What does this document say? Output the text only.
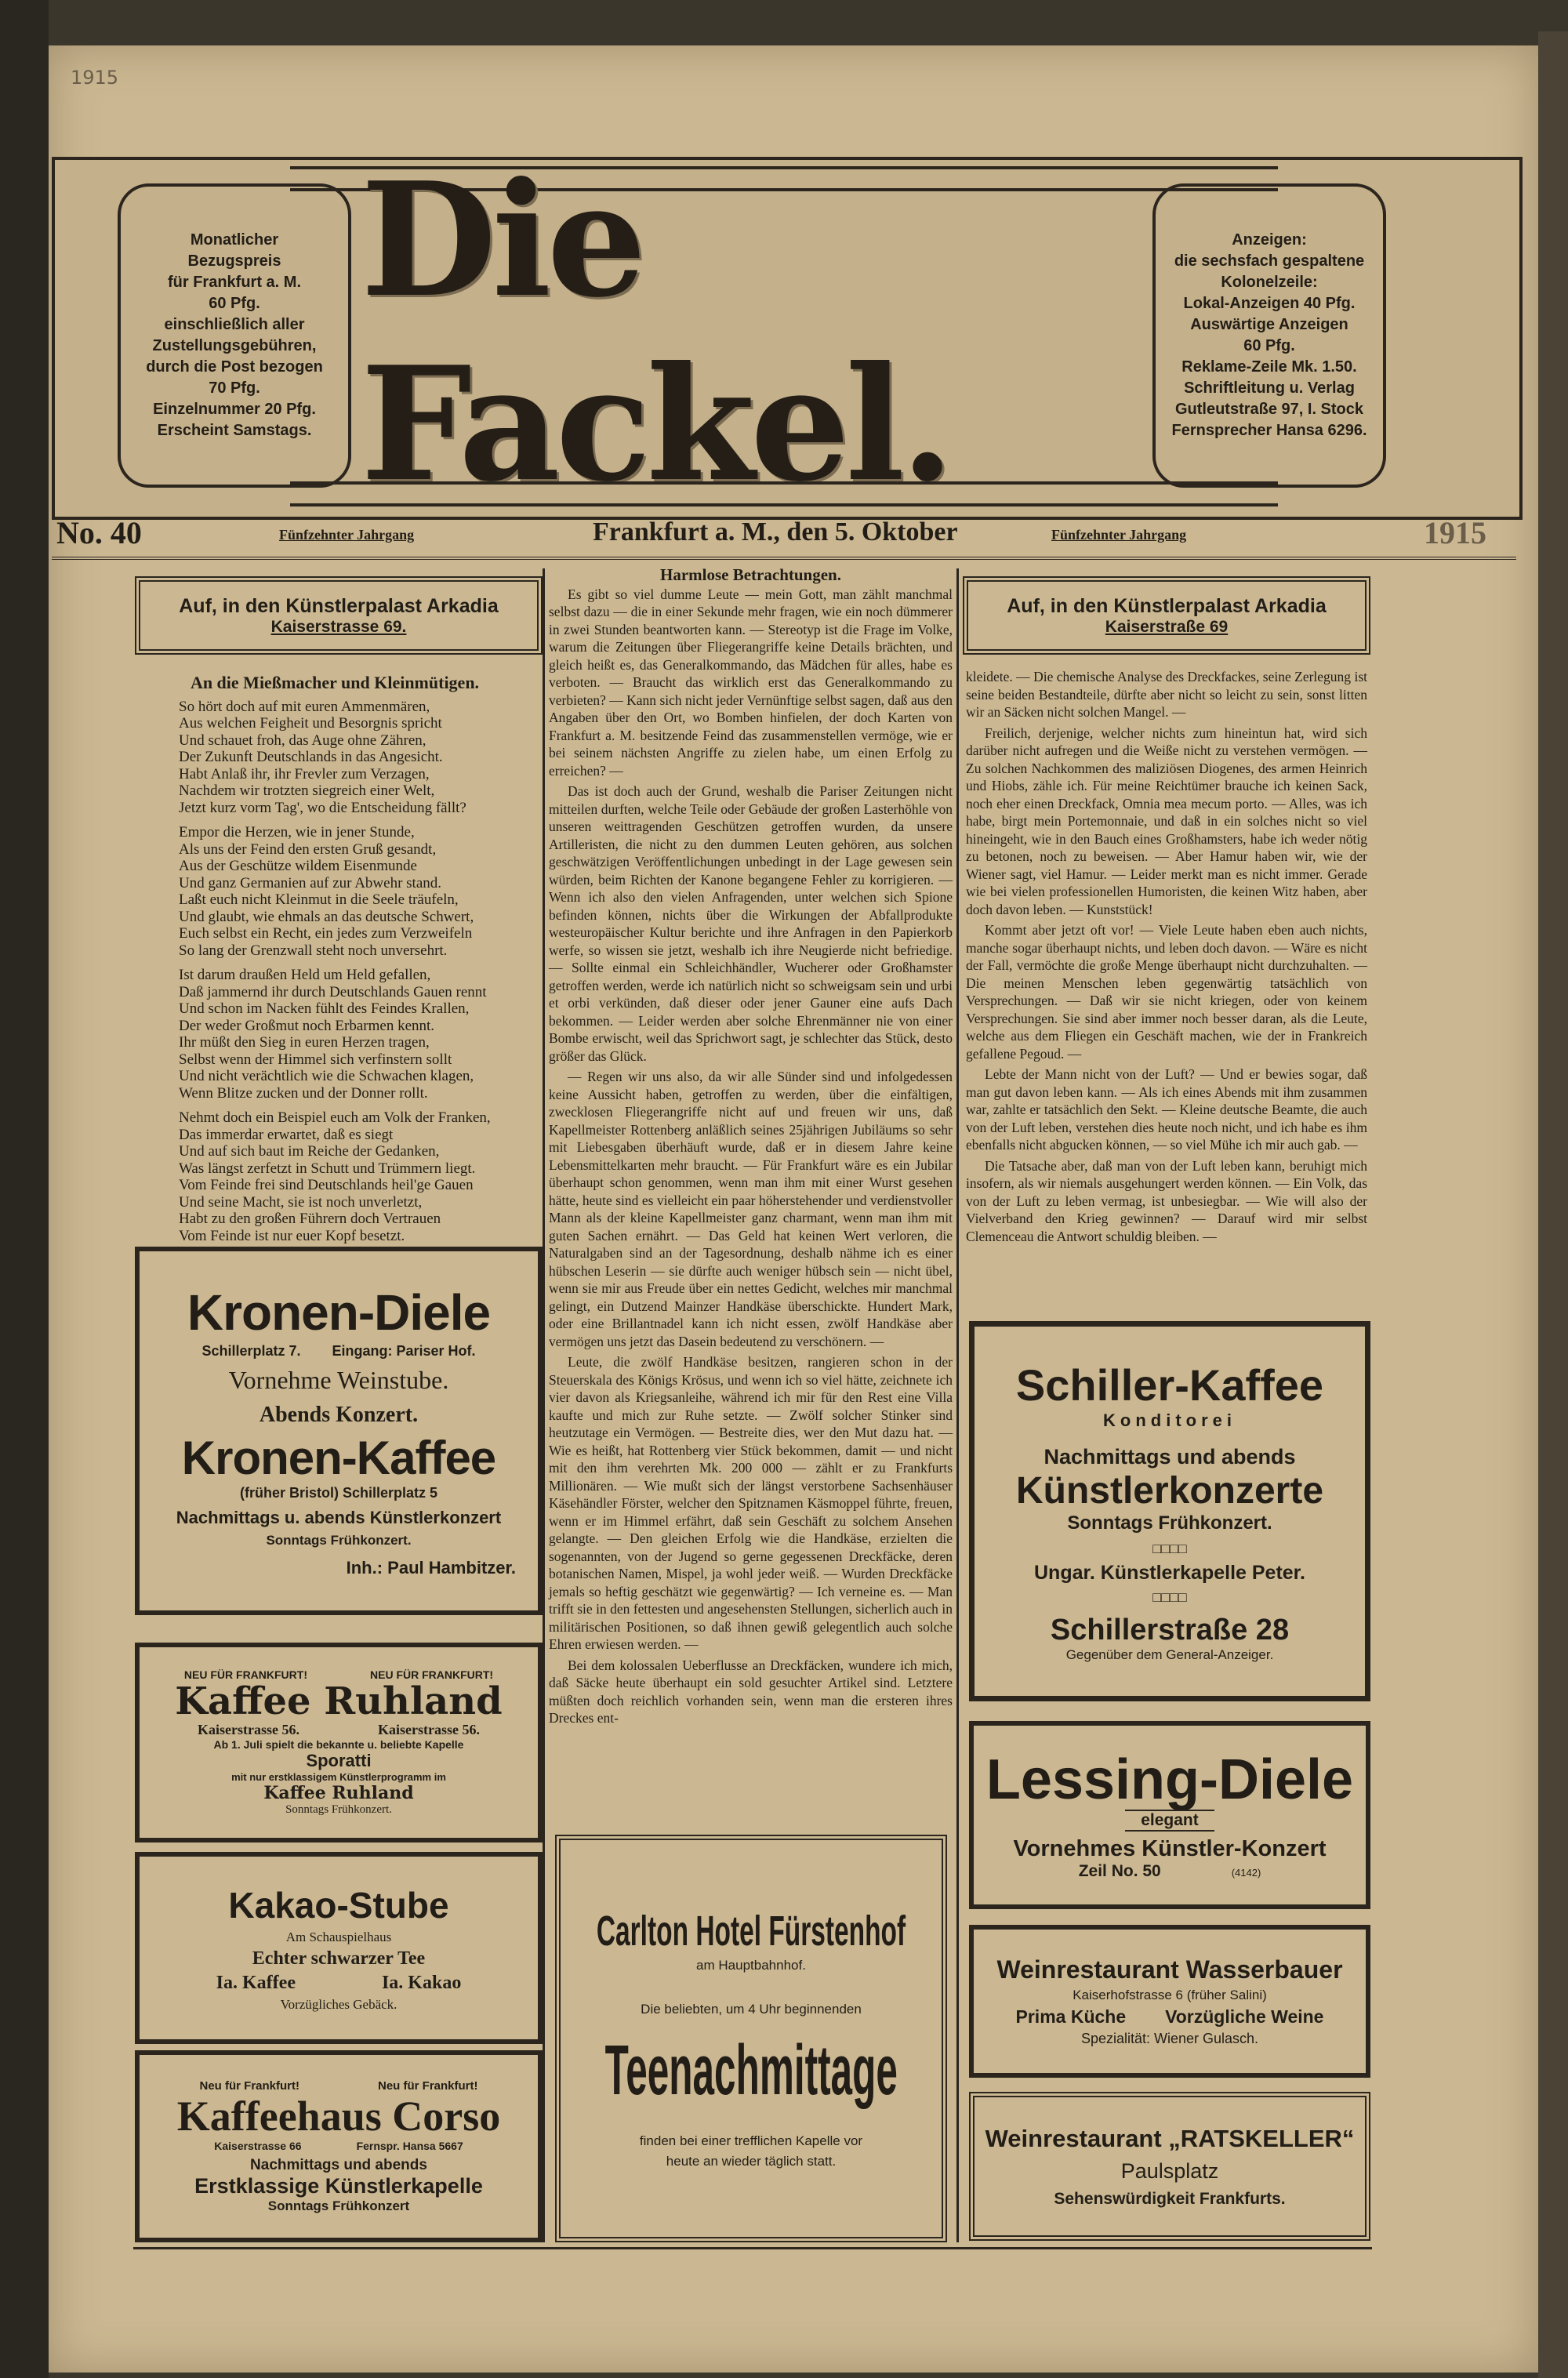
1915
Monatlicher
Bezugspreis
für Frankfurt a. M.
60 Pfg.
einschließlich aller
Zustellungsgebühren,
durch die Post bezogen
70 Pfg.
Einzelnummer 20 Pfg.
Erscheint Samstags.
Die Fackel.
Anzeigen:
die sechsfach gespaltene
Kolonelzeile:
Lokal-Anzeigen 40 Pfg.
Auswärtige Anzeigen
60 Pfg.
Reklame-Zeile Mk. 1.50.
Schriftleitung u. Verlag
Gutleutstraße 97, I. Stock
Fernsprecher Hansa 6296.
No. 40	Fünfzehnter Jahrgang	Frankfurt a. M., den 5. Oktober	Fünfzehnter Jahrgang	1915
Auf, in den Künstlerpalast Arkadia
Kaiserstrasse 69.
An die Mießmacher und Kleinmütigen.

So hört doch auf mit euren Ammenmären,
Aus welchen Feigheit und Besorgnis spricht
Und schauet froh, das Auge ohne Zähren,
Der Zukunft Deutschlands in das Angesicht.
Habt Anlaß ihr, ihr Frevler zum Verzagen,
Nachdem wir trotzten siegreich einer Welt,
Jetzt kurz vorm Tag', wo die Entscheidung fällt?

Empor die Herzen, wie in jener Stunde,
Als uns der Feind den ersten Gruß gesandt,
Aus der Geschütze wildem Eisenmunde
Und ganz Germanien auf zur Abwehr stand.
Laßt euch nicht Kleinmut in die Seele träufeln,
Und glaubt, wie ehmals an das deutsche Schwert,
Euch selbst ein Recht, ein jedes zum Verzweifeln
So lang der Grenzwall steht noch unversehrt.

Ist darum draußen Held um Held gefallen,
Daß jammernd ihr durch Deutschlands Gauen rennt
Und schon im Nacken fühlt des Feindes Krallen,
Der weder Großmut noch Erbarmen kennt.
Ihr müßt den Sieg in euren Herzen tragen,
Selbst wenn der Himmel sich verfinstern sollt
Und nicht verächtlich wie die Schwachen klagen,
Wenn Blitze zucken und der Donner rollt.

Nehmt doch ein Beispiel euch am Volk der Franken,
Das immerdar erwartet, daß es siegt
Und auf sich baut im Reiche der Gedanken,
Was längst zerfetzt in Schutt und Trümmern liegt.
Vom Feinde frei sind Deutschlands heil'ge Gauen
Und seine Macht, sie ist noch unverletzt,
Habt zu den großen Führern doch Vertrauen
Vom Feinde ist nur euer Kopf besetzt.

Kronen-Diele
Schillerplatz 7. Eingang: Pariser Hof.
Vornehme Weinstube.
Abends Konzert.
Kronen-Kaffee
(früher Bristol) Schillerplatz 5
Nachmittags u. abends Künstlerkonzert
Sonntags Frühkonzert.
Inh.: Paul Hambitzer.
NEU FÜR FRANKFURT!	NEU FÜR FRANKFURT!
Kaffee Ruhland
Kaiserstrasse 56.	Kaiserstrasse 56.
Ab 1. Juli spielt die bekannte u. beliebte Kapelle
Sporatti
mit nur erstklassigem Künstlerprogramm im
Kaffee Ruhland
Sonntags Frühkonzert.
Kakao-Stube
Am Schauspielhaus
Echter schwarzer Tee
Ia. Kaffee	Ia. Kakao
Vorzügliches Gebäck.
Neu für Frankfurt!	Neu für Frankfurt!
Kaffeehaus Corso
Kaiserstrasse 66	Fernspr. Hansa 5667
Nachmittags und abends
Erstklassige Künstlerkapelle
Sonntags Frühkonzert
Harmlose Betrachtungen.

Es gibt so viel dumme Leute — mein Gott, man zählt manchmal selbst dazu — die in einer Sekunde mehr fragen, wie ein noch dümmerer in zwei Stunden beantworten kann. — Stereotyp ist die Frage im Volke, warum die Zeitungen über Fliegerangriffe keine Details brächten, und gleich heißt es, das Generalkommando, das Mädchen für alles, habe es verboten. — Braucht das wirklich erst das Generalkommando zu verbieten? — Kann sich nicht jeder Vernünftige selbst sagen, daß aus den Angaben über den Ort, wo Bomben hinfielen, der doch Karten von Frankfurt a. M. besitzende Feind das zusammenstellen vermöge, wie er bei seinem nächsten Angriffe zu zielen habe, um einen Erfolg zu erreichen? —

Das ist doch auch der Grund, weshalb die Pariser Zeitungen nicht mitteilen durften, welche Teile oder Gebäude der großen Lasterhöhle von unseren weittragenden Geschützen getroffen wurden, da unsere Artilleristen, die nicht zu den dummen Leuten gehören, aus solchen geschwätzigen Veröffentlichungen unbedingt in der Lage gewesen sein würden, beim Richten der Kanone begangene Fehler zu korrigieren. — Wenn ich also den vielen Anfragenden, unter welchen sich Spione befinden können, nichts über die Wirkungen der Abfallprodukte westeuropäischer Kultur berichte und ihre Anfragen in den Papierkorb werfe, so wissen sie jetzt, weshalb ich ihre Neugierde nicht befriedige. — Sollte einmal ein Schleichhändler, Wucherer oder Großhamster getroffen werden, werde ich natürlich nicht so schweigsam sein und urbi et orbi verkünden, daß dieser oder jener Gauner eine aufs Dach bekommen. — Leider werden aber solche Ehrenmänner nie von einer Bombe erwischt, weil das Sprichwort sagt, je schlechter das Stück, desto größer das Glück.

— Regen wir uns also, da wir alle Sünder sind und infolgedessen keine Aussicht haben, getroffen zu werden, über die einfältigen, zwecklosen Fliegerangriffe nicht auf und freuen wir uns, daß Kapellmeister Rottenberg anläßlich seines 25jährigen Jubiläums so sehr mit Liebesgaben überhäuft wurde, daß er in diesem Jahre keine Lebensmittelkarten mehr braucht. — Für Frankfurt wäre es ein Jubilar überhaupt schon genommen, wenn man ihm mit einer Wurst gesehen hätte, heute sind es vielleicht ein paar höherstehender und verdienstvoller Mann als der kleine Kapellmeister ganz charmant, wenn man ihm mit guten Sachen ernährt. — Das Geld hat keinen Wert verloren, die Naturalgaben sind an der Tagesordnung, deshalb nähme ich es einer hübschen Leserin — sie dürfte auch weniger hübsch sein — nicht übel, wenn sie mir aus Freude über ein nettes Gedicht, welches mir manchmal gelingt, ein Dutzend Mainzer Handkäse überschickte. Hundert Mark, oder eine Brillantnadel kann ich nicht essen, zwölf Handkäse aber vermögen uns jetzt das Dasein bedeutend zu verschönern. —

Leute, die zwölf Handkäse besitzen, rangieren schon in der Steuerskala des Königs Krösus, und wenn ich so viel hätte, zeichnete ich vier davon als Kriegsanleihe, während ich mir für den Rest eine Villa kaufte und mich zur Ruhe setzte. — Zwölf solcher Stinker sind heutzutage ein Vermögen. — Bestreite dies, wer den Mut dazu hat. — Wie es heißt, hat Rottenberg vier Stück bekommen, damit — und nicht mit den ihm verehrten Mk. 200 000 — zählt er zu Frankfurts Millionären. — Wie mußt sich der längst verstorbene Sachsenhäuser Käsehändler Förster, welcher den Spitznamen Käsmoppel führte, freuen, wenn er im Himmel erfährt, daß sein Geschäft zu solchem Ansehen gelangte. — Den gleichen Erfolg wie die Handkäse, erzielten die sogenannten, von der Jugend so gerne gegessenen Dreckfäcke, deren botanischen Namen, Mispel, ja wohl jeder weiß. — Wurden Dreckfäcke jemals so heftig geschätzt wie gegenwärtig? — Ich verneine es. — Man trifft sie in den fettesten und angesehensten Stellungen, sicherlich auch in militärischen Positionen, so daß ihnen gewiß gelegentlich auch solche Ehren erwiesen werden. —

Bei dem kolossalen Ueberflusse an Dreckfäcken, wundere ich mich, daß Säcke heute überhaupt ein sold gesuchter Artikel sind. Letztere müßten doch reichlich vorhanden sein, wenn man die ersteren ihres Dreckes ent-

Carlton Hotel Fürstenhof
am Hauptbahnhof.
Die beliebten, um 4 Uhr beginnenden
Teenachmittage
finden bei einer trefflichen Kapelle vor
heute an wieder täglich statt.
Auf, in den Künstlerpalast Arkadia
Kaiserstraße 69

kleidete. — Die chemische Analyse des Dreckfackes, seine Zerlegung ist seine beiden Bestandteile, dürfte aber nicht so leicht zu sein, sonst litten wir an Säcken nicht solchen Mangel. —

Freilich, derjenige, welcher nichts zum hineintun hat, wird sich darüber nicht aufregen und die Weiße nicht zu verstehen vermögen. — Zu solchen Nachkommen des maliziösen Diogenes, des armen Heinrich und Hiobs, zähle ich. Für meine Reichtümer brauche ich keinen Sack, noch eher einen Dreckfack, Omnia mea mecum porto. — Alles, was ich habe, birgt mein Portemonnaie, und daß in ein solches nicht so viel hineingeht, wie in den Bauch eines Großhamsters, habe ich weder nötig zu betonen, noch zu beweisen. — Aber Hamur haben wir, wie der Wiener sagt, viel Hamur. — Leider merkt man es nicht immer. Gerade wie bei vielen professionellen Humoristen, die keinen Witz haben, aber doch davon leben. — Kunststück!

Kommt aber jetzt oft vor! — Viele Leute haben eben auch nichts, manche sogar überhaupt nichts, und leben doch davon. — Wäre es nicht der Fall, vermöchte die große Menge überhaupt nicht durchzuhalten. — Die meinen Menschen leben gegenwärtig tatsächlich von Versprechungen. — Daß wir sie nicht kriegen, oder von keinem Versprechungen. Sie sind aber immer noch besser daran, als die Leute, welche aus dem Fliegen ein Geschäft machen, wie der in Frankreich gefallene Pegoud. —

Lebte der Mann nicht von der Luft? — Und er bewies sogar, daß man gut davon leben kann. — Als ich eines Abends mit ihm zusammen war, zahlte er tatsächlich den Sekt. — Kleine deutsche Beamte, die auch von der Luft leben, verstehen dies heute noch nicht, und ich habe es ihm ebenfalls nicht abgucken können, — so viel Mühe ich mir auch gab. —

Die Tatsache aber, daß man von der Luft leben kann, beruhigt mich insofern, als wir niemals ausgehungert werden können. — Ein Volk, das von der Luft zu leben vermag, ist unbesiegbar. — Wie will also der Vielverband den Krieg gewinnen? — Darauf wird mir selbst Clemenceau die Antwort schuldig bleiben. —

Schiller-Kaffee
Konditorei
Nachmittags und abends
Künstlerkonzerte
Sonntags Frühkonzert.
□□□□
Ungar. Künstlerkapelle Peter.
□□□□
Schillerstraße 28
Gegenüber dem General-Anzeiger.
Lessing-Diele
elegant
Vornehmes Künstler-Konzert
Zeil No. 50	(4142)
Weinrestaurant Wasserbauer
Kaiserhofstrasse 6 (früher Salini)
Prima Küche Vorzügliche Weine
Spezialität: Wiener Gulasch.
Weinrestaurant „RATSKELLER“
Paulsplatz
Sehenswürdigkeit Frankfurts.
